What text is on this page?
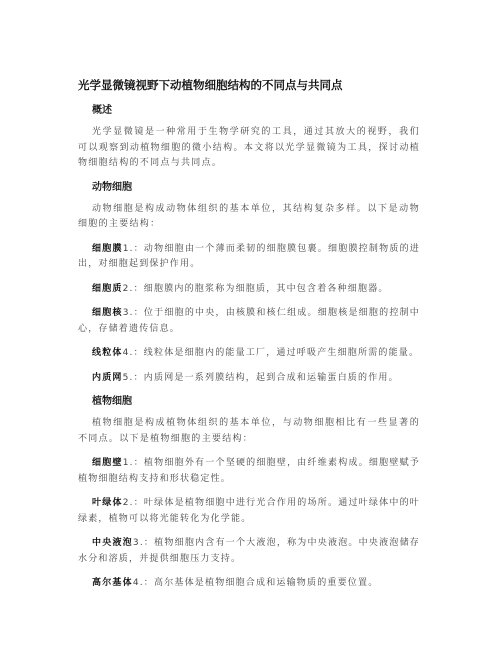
光学显微镜视野下动植物细胞结构的不同点与共同点
概述

光学显微镜是一种常用于生物学研究的工具，通过其放大的视野，我们可以观察到动植物细胞的微小结构。本文将以光学显微镜为工具，探讨动植物细胞结构的不同点与共同点。

动物细胞

动物细胞是构成动物体组织的基本单位，其结构复杂多样。以下是动物细胞的主要结构：

细胞膜1.：动物细胞由一个薄而柔韧的细胞膜包裹。细胞膜控制物质的进出，对细胞起到保护作用。

细胞质2.：细胞膜内的胞浆称为细胞质，其中包含着各种细胞器。

细胞核3.：位于细胞的中央，由核膜和核仁组成。细胞核是细胞的控制中心，存储着遗传信息。

线粒体4.：线粒体是细胞内的能量工厂，通过呼吸产生细胞所需的能量。

内质网5.：内质网是一系列膜结构，起到合成和运输蛋白质的作用。

植物细胞

植物细胞是构成植物体组织的基本单位，与动物细胞相比有一些显著的不同点。以下是植物细胞的主要结构：

细胞壁1.：植物细胞外有一个坚硬的细胞壁，由纤维素构成。细胞壁赋予植物细胞结构支持和形状稳定性。

叶绿体2.：叶绿体是植物细胞中进行光合作用的场所。通过叶绿体中的叶绿素，植物可以将光能转化为化学能。

中央液泡3.：植物细胞内含有一个大液泡，称为中央液泡。中央液泡储存水分和溶质，并提供细胞压力支持。

高尔基体4.：高尔基体是植物细胞合成和运输物质的重要位置。
